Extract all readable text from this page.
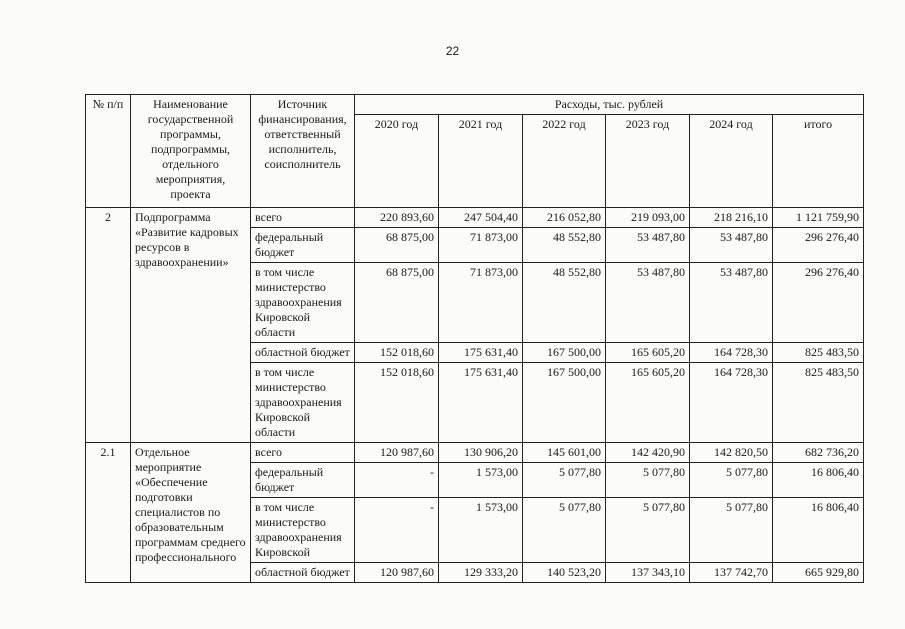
22
№ п/п	Наименование государственной программы, подпрограммы, отдельного мероприятия, проекта	Источник финансирования, ответственный исполнитель, соисполнитель	Расходы, тыс. рублей					
			2020 год	2021 год	2022 год	2023 год	2024 год	итого
2	Подпрограмма «Развитие кадровых ресурсов в здравоохранении»	всего	220 893,60	247 504,40	216 052,80	219 093,00	218 216,10	1 121 759,90
		федеральный бюджет	68 875,00	71 873,00	48 552,80	53 487,80	53 487,80	296 276,40
		в том числе министерство здравоохранения Кировской области	68 875,00	71 873,00	48 552,80	53 487,80	53 487,80	296 276,40
		областной бюджет	152 018,60	175 631,40	167 500,00	165 605,20	164 728,30	825 483,50
		в том числе министерство здравоохранения Кировской области	152 018,60	175 631,40	167 500,00	165 605,20	164 728,30	825 483,50
2.1	Отдельное мероприятие «Обеспечение подготовки специалистов по образовательным программам среднего профессионального	всего	120 987,60	130 906,20	145 601,00	142 420,90	142 820,50	682 736,20
		федеральный бюджет	-	1 573,00	5 077,80	5 077,80	5 077,80	16 806,40
		в том числе министерство здравоохранения Кировской	-	1 573,00	5 077,80	5 077,80	5 077,80	16 806,40
		областной бюджет	120 987,60	129 333,20	140 523,20	137 343,10	137 742,70	665 929,80
